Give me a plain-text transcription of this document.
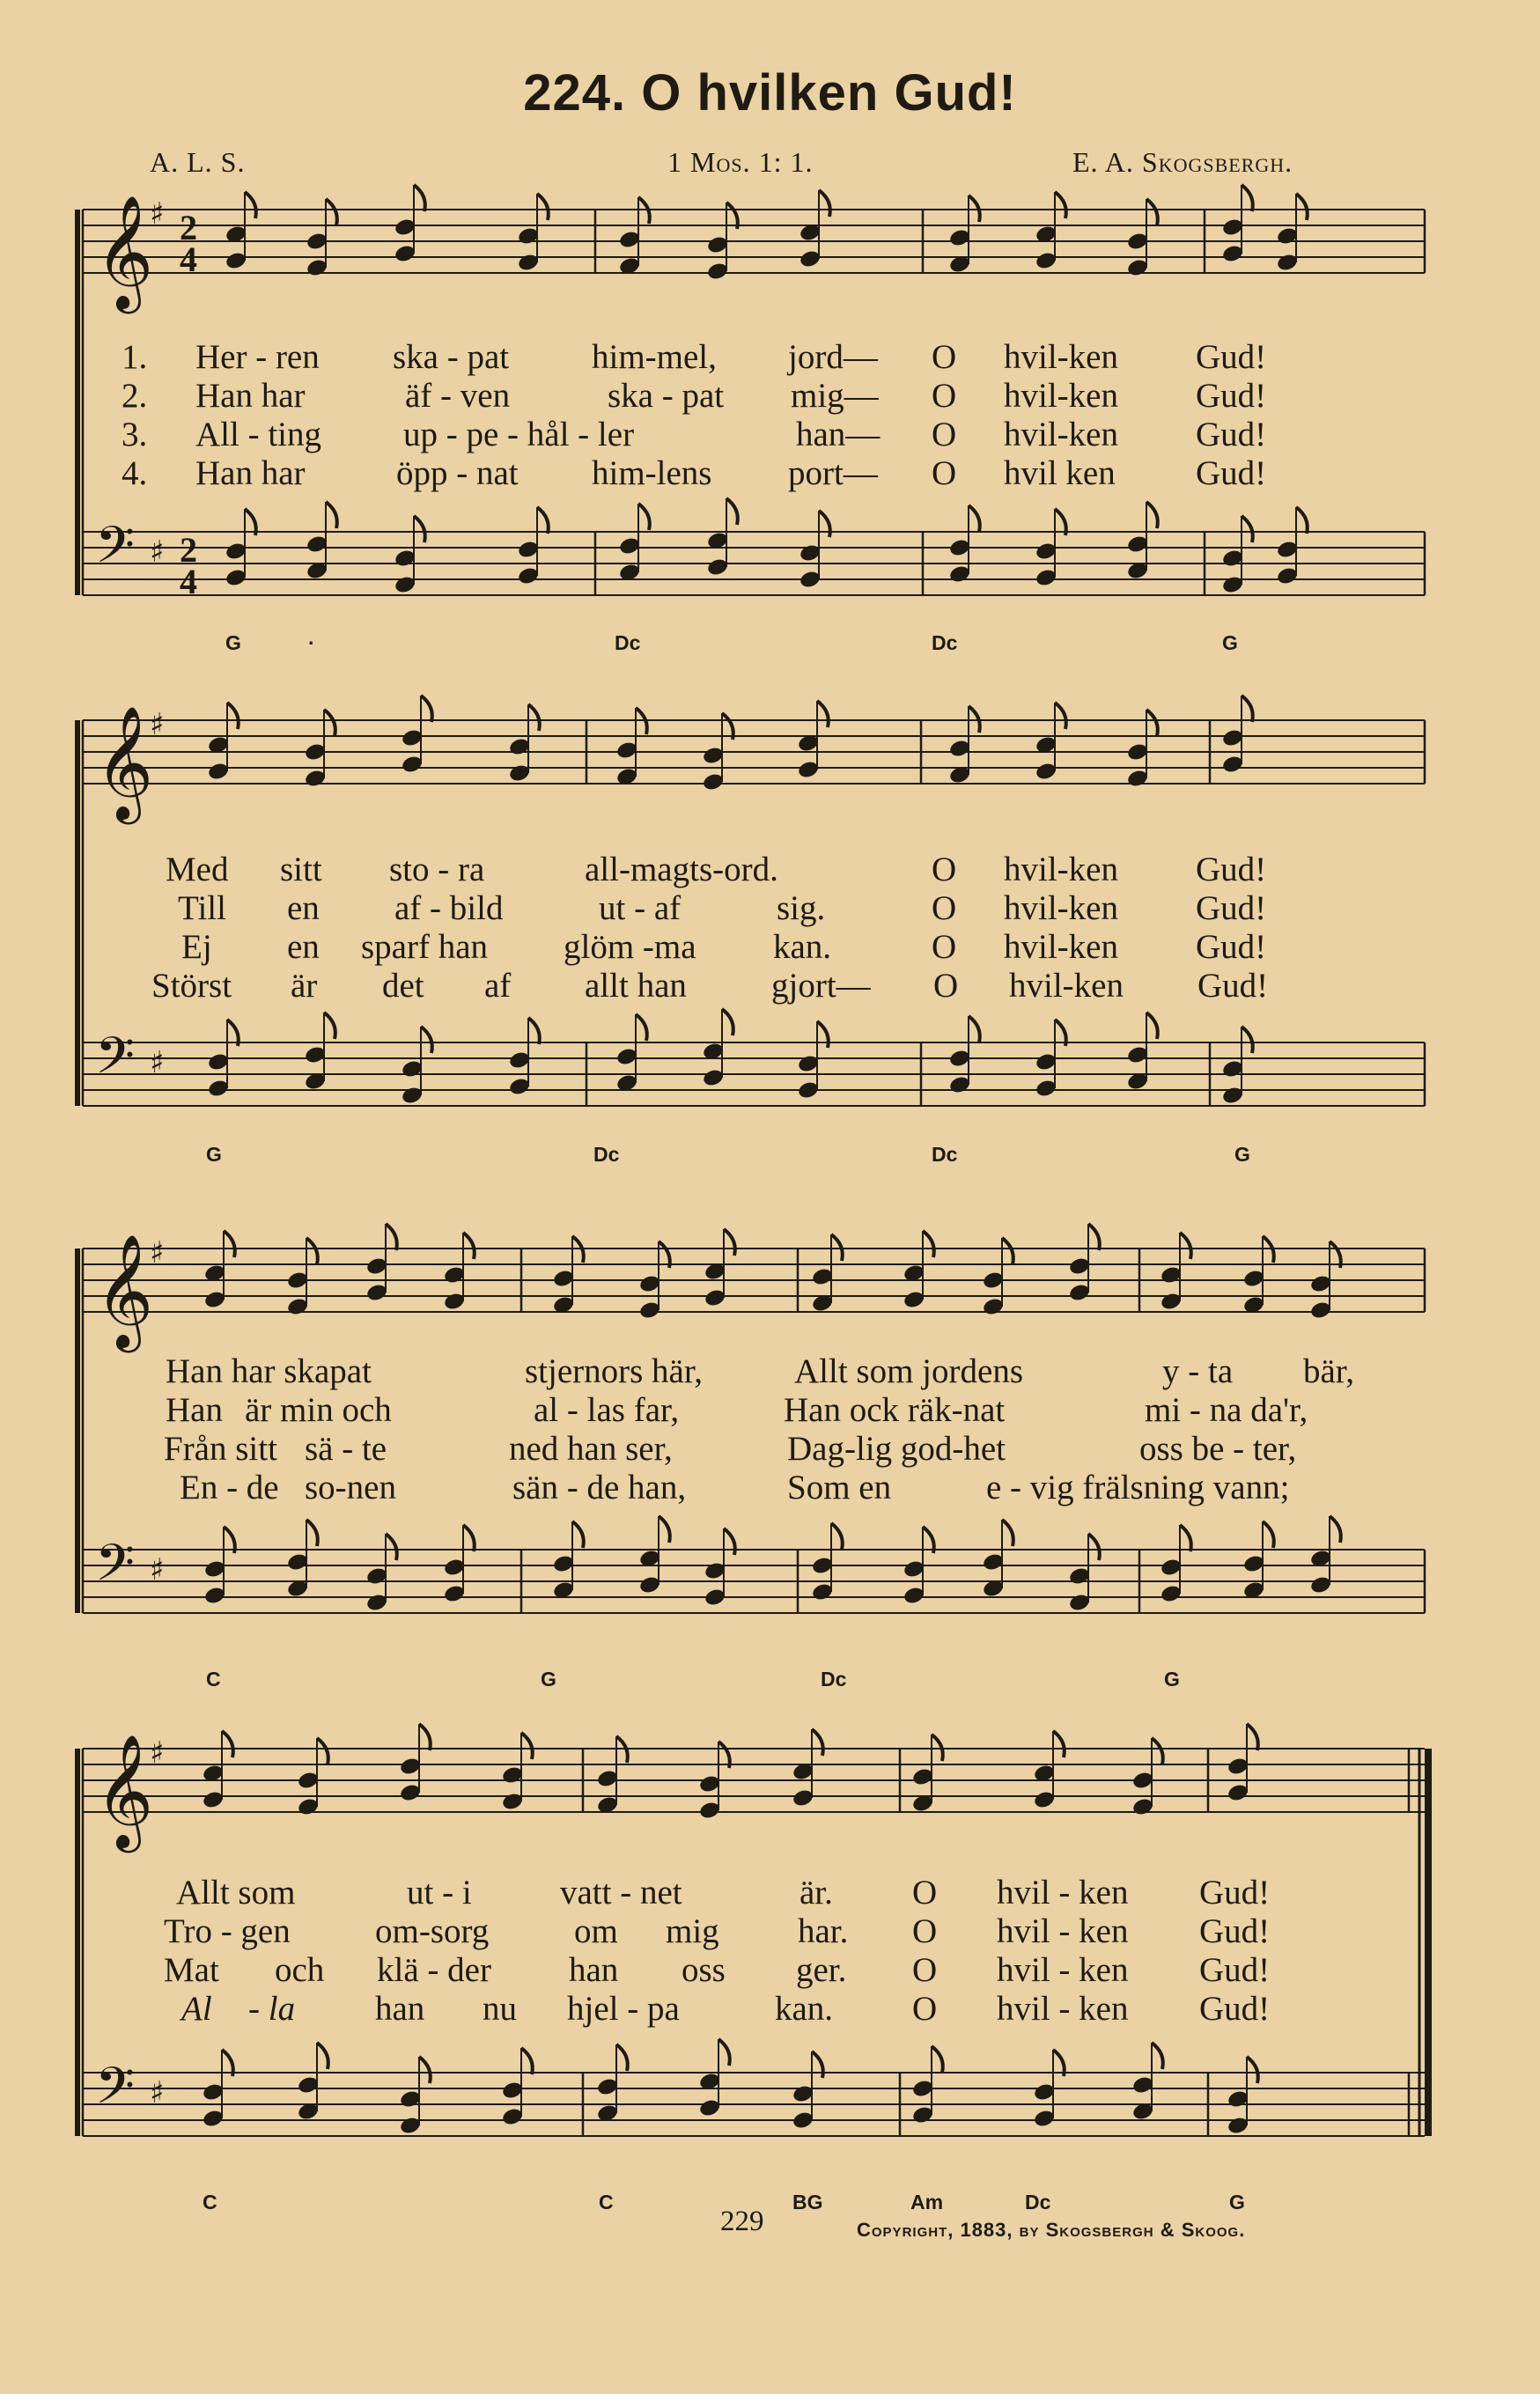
224. O hvilken Gud!
A. L. S.	1 Mos. 1: 1.	E. A. Skogsbergh.
𝄞
♯ 2
4
𝄢 ♯ 2
4
𝄞
♯
𝄢 ♯
𝄞
♯
𝄢 ♯
𝄞
♯
𝄢 ♯
1. Her - ren ska - pat him-mel, jord— O hvil-ken Gud!
2. Han har	äf - ven	ska - pat mig— O hvil-ken Gud!
3. All - ting up - pe - hål - ler	han— O hvil-ken Gud!
4. Han har	öpp - nat him-lens port— O hvil ken Gud!
G	·	Dc	Dc	G
Med sitt sto - ra	all-magts-ord.	O hvil-ken Gud!
Till en af - bild	ut - af	sig.	O hvil-ken Gud!
Ej en sparf han glöm -ma kan.	O hvil-ken Gud!
Störst är det af allt han gjort— O hvil-ken Gud!
G	Dc	Dc	G
Han har skapat	stjernors här,	Allt som jordens	y - ta bär,
Han är min och	al - las far,	Han ock räk-nat	mi - na da'r,
Från sitt sä - te	ned han ser,	Dag-lig god-het	oss be - ter,
En - de so-nen	sän - de han,	Som en	e - vig frälsning vann;
C	G	Dc	G
Allt som	ut - i	vatt - net	är. O hvil - ken Gud!
Tro - gen om-sorg om mig har. O hvil - ken Gud!
Mat och klä - der han oss ger. O hvil - ken Gud!
Al - la han nu hjel - pa	kan. O hvil - ken Gud!
C	C	BG	Am	Dc	G
229	Copyright, 1883, by Skogsbergh & Skoog.
